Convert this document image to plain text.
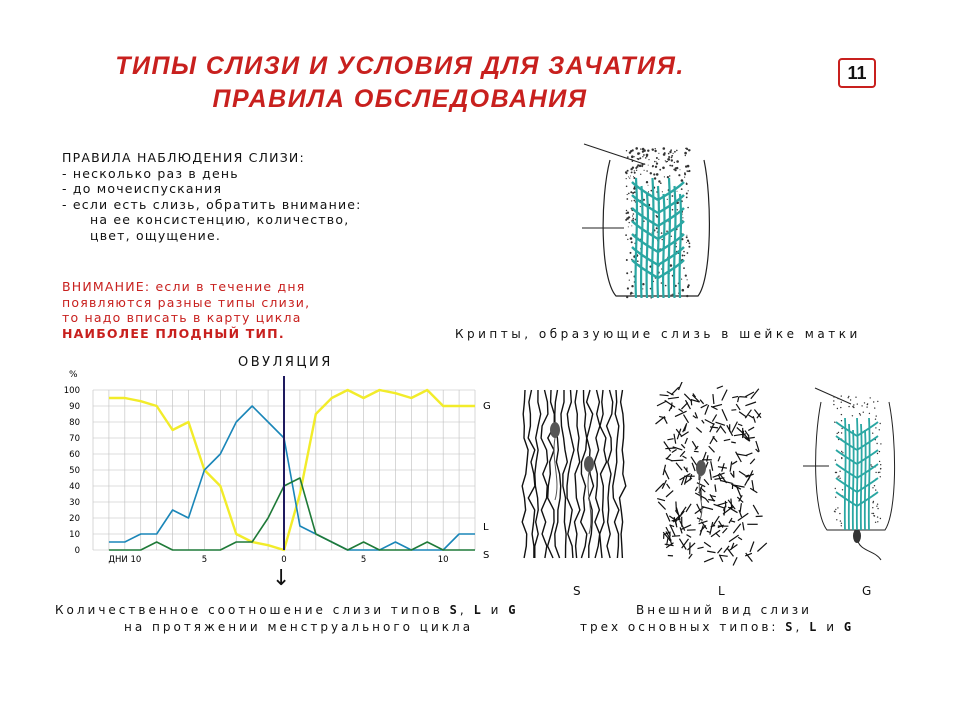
ТИПЫ СЛИЗИ И УСЛОВИЯ ДЛЯ ЗАЧАТИЯ.
ПРАВИЛА ОБСЛЕДОВАНИЯ
11
ПРАВИЛА НАБЛЮДЕНИЯ СЛИЗИ:
- несколько раз в день
- до мочеиспускания
- если есть слизь, обратить внимание:
на ее консистенцию, количество,
цвет, ощущение.
ВНИМАНИЕ: если в течение дня
появляются разные типы слизи,
то надо вписать в карту цикла
НАИБОЛЕЕ ПЛОДНЫЙ ТИП.	Крипты, образующие слизь в шейке матки
ОВУЛЯЦИЯ
0
10
20
30
40
50
60
70
80
90
100
ДНИ 10	5	0	5	10
G
L
S
%
↓
Количественное соотношение слизи типов S, L и G
на протяжении менструального цикла
S	L	G
Внешний вид слизи
трех основных типов: S, L и G
